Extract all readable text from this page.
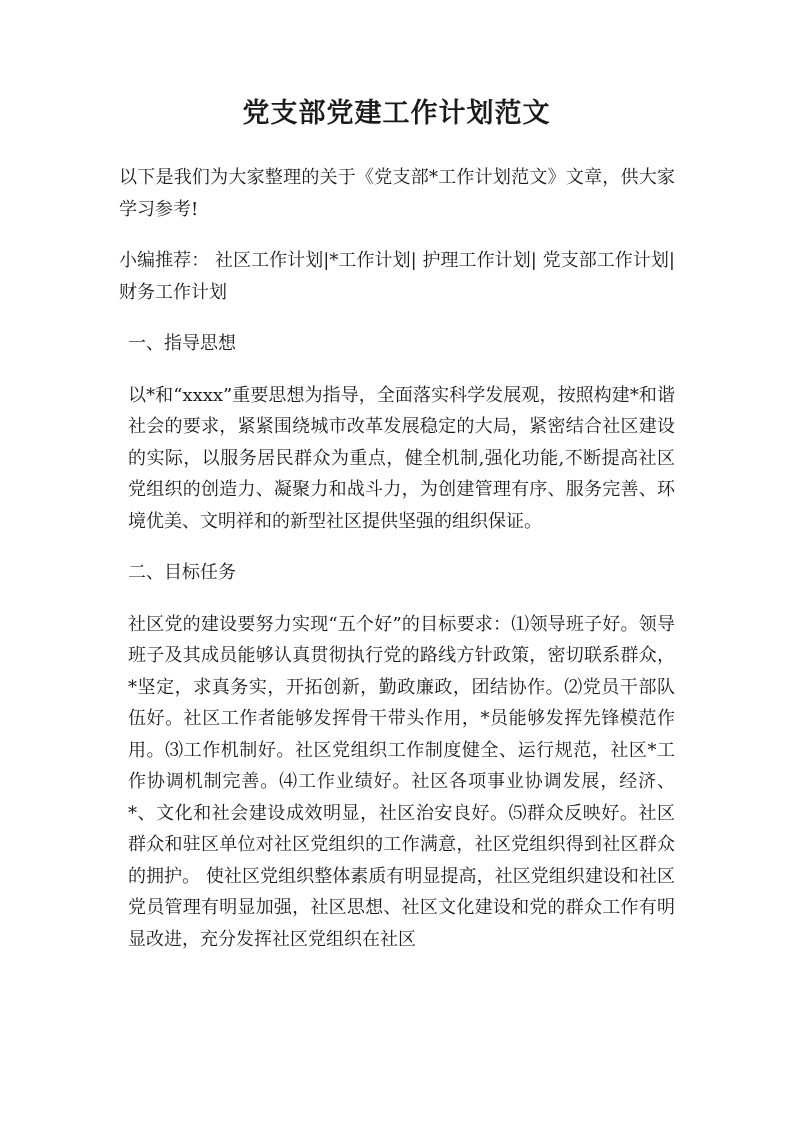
党支部党建工作计划范文

以下是我们为大家整理的关于《党支部*工作计划范文》文章，供大家学习参考!

小编推荐： 社区工作计划|*工作计划| 护理工作计划| 党支部工作计划| 财务工作计划

一、指导思想

以*和“xxxx”重要思想为指导，全面落实科学发展观，按照构建*和谐社会的要求，紧紧围绕城市改革发展稳定的大局，紧密结合社区建设的实际，以服务居民群众为重点，健全机制,强化功能,不断提高社区党组织的创造力、凝聚力和战斗力，为创建管理有序、服务完善、环境优美、文明祥和的新型社区提供坚强的组织保证。

二、目标任务

社区党的建设要努力实现“五个好”的目标要求：⑴领导班子好。领导班子及其成员能够认真贯彻执行党的路线方针政策，密切联系群众，*坚定，求真务实，开拓创新，勤政廉政，团结协作。⑵党员干部队伍好。社区工作者能够发挥骨干带头作用，*员能够发挥先锋模范作用。⑶工作机制好。社区党组织工作制度健全、运行规范，社区*工作协调机制完善。⑷工作业绩好。社区各项事业协调发展，经济、*、文化和社会建设成效明显，社区治安良好。⑸群众反映好。社区群众和驻区单位对社区党组织的工作满意，社区党组织得到社区群众的拥护。 使社区党组织整体素质有明显提高，社区党组织建设和社区党员管理有明显加强，社区思想、社区文化建设和党的群众工作有明显改进，充分发挥社区党组织在社区
